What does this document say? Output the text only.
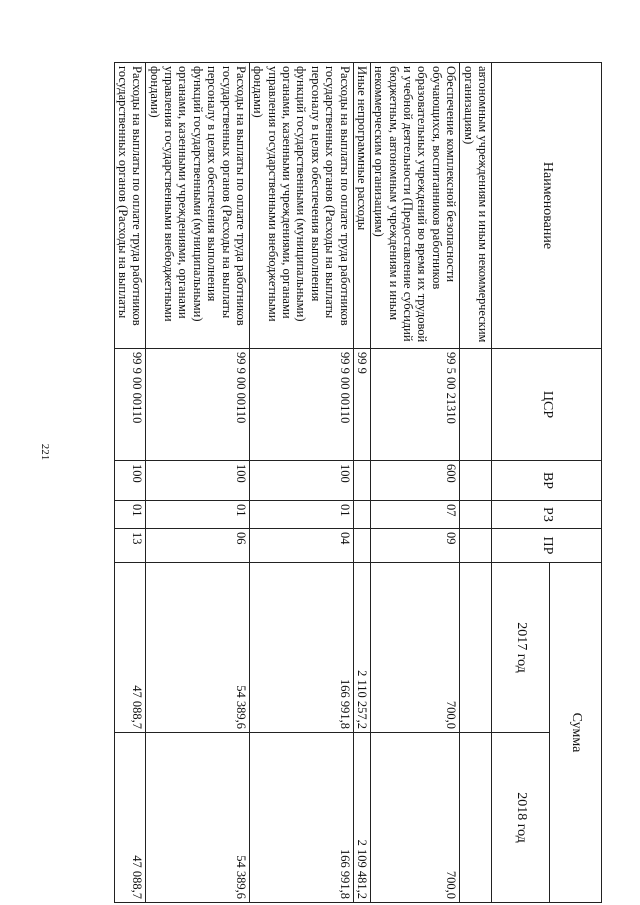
221
Наименование	ЦСР	ВР	РЗ	ПР	Сумма	
					2017 год	2018 год
автономным учреждениям и иным некоммерческим организациям)						
Обеспечение комплексной безопасности обучающихся, воспитанников работников образовательных учреждений во время их трудовой и учебной деятельности (Предоставление субсидий бюджетным, автономным учреждениям и иным некоммерческим организациям)	99 5 00 21310	600	07	09	700,0	700,0
Иные непрограммные расходы	99 9				2 110 257,2	2 109 481,2
Расходы на выплаты по оплате труда работников государственных органов (Расходы на выплаты персоналу в целях обеспечения выполнения функций государственными (муниципальными) органами, казенными учреждениями, органами управления государственными внебюджетными фондами)	99 9 00 00110	100	01	04	166 991,8	166 991,8
Расходы на выплаты по оплате труда работников государственных органов (Расходы на выплаты персоналу в целях обеспечения выполнения функций государственными (муниципальными) органами, казенными учреждениями, органами управления государственными внебюджетными фондами)	99 9 00 00110	100	01	06	54 389,6	54 389,6
Расходы на выплаты по оплате труда работников государственных органов (Расходы на выплаты	99 9 00 00110	100	01	13	47 088,7	47 088,7
